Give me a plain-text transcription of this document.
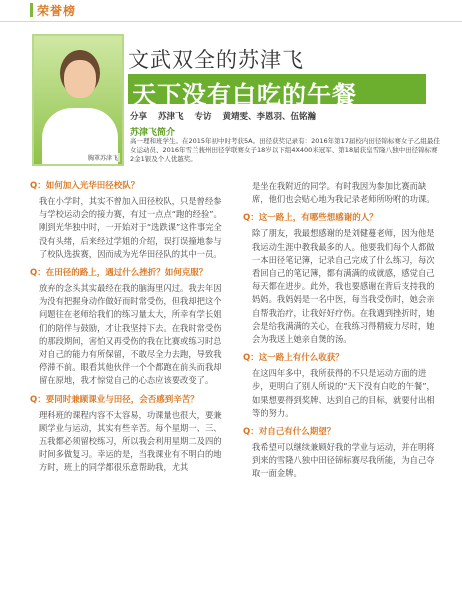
荣誉榜
胸罩苏津飞
文武双全的苏津飞
天下没有白吃的午餐
分享 苏津飞 专访 黄靖雯、李恩羽、伍铭瀚
苏津飞简介
高一理和班学生。在2015年初中时考获5A。田径获奖记录有：2016年第17届校内田径锦标赛女子乙组最佳女运动员、2016年雪兰莪州田径学联赛女子18岁以下组4X400米冠军、第18届获皇雪隆八独中田径锦标赛2金1银及个人优越奖。
Q：如何加入光华田径校队？
我在小学时，其实不曾加入田径校队，只是曾经参与学校运动会的接力赛，有过一点点“跑的经验”。刚到光华独中时，一开始对于“选跌课”这件事完全没有头绪，后来经过学姐的介绍，误打误撞地参与了校队选拔赛，因而成为光华田径队的其中一员。
Q：在田径的路上，遇过什么挫折？如何克服？
放弃的念头其实最经在我的脑海里闪过。我去年因为没有把握身动作做好而时常受伤，但我却把这个问题往在老师给我们的练习量太大，所幸有学长姐们的陪伴与鼓励，才让我坚持下去。在我时常受伤的那段期间，害怕又再受伤的我在比赛或练习时总对自己的能力有所保留，不敢尽全力去跑，导致我停滞不前。眼看其他伙伴一个个都跑在前头而我却留在原地，我才惊觉自己的心态应该要改变了。
Q：要同时兼顾课业与田径，会否感到辛苦？
理科班的课程内容不太容易，功课量也很大，要兼顾学业与运动，其实有些辛苦。每个星期一、三、五我都必须留校练习，所以我会利用星期二及四的时间多做复习。幸运的是，当我课业有不明白的地方时，班上的同学都很乐意帮助我，尤其
是坐在我附近的同学。有时我因为参加比赛而缺席，他们也会贴心地为我记录老师所吩咐的功课。
Q：这一路上，有哪些想感谢的人？
除了朋友，我最想感谢的是刘健蔓老师，因为他是我运动生涯中教我最多的人。他要我们每个人都做一本田径笔记簿，记录自己完成了什么练习，每次看回自己的笔记簿，都有满满的成就感，感觉自己每天都在进步。此外，我也要感谢在背后支持我的妈妈。我妈妈是一名中医，每当我受伤时，她会亲自帮我治疗，让我好好疗伤。在我遇到挫折时，她会是给我满满的关心，在我练习得精疲力尽时，她会为我送上她亲自煲的汤。
Q：这一路上有什么收获？
在这四年多中，我所获得的不只是运动方面的进步，更明白了别人所说的“天下没有白吃的午餐”，如果想要得到奖牌、达到自己的目标，就要付出相等的努力。
Q：对自己有什么期望？
我希望可以继续兼顾好我的学业与运动，并在明将到来的雪隆八独中田径锦标赛尽我所能，为自己夺取一面金牌。
